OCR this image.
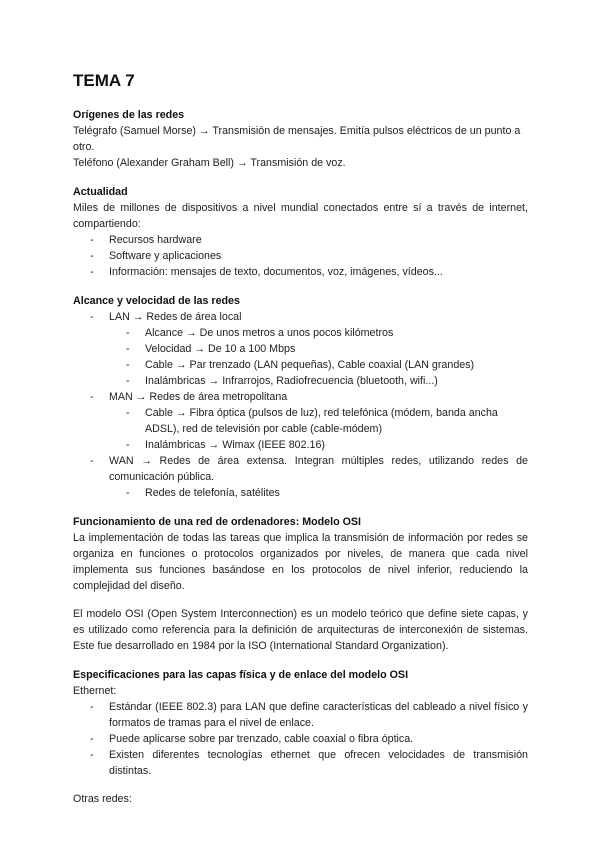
TEMA 7
Orígenes de las redes

Telégrafo (Samuel Morse) → Transmisión de mensajes. Emitía pulsos eléctricos de un punto a otro.

Teléfono (Alexander Graham Bell) → Transmisión de voz.

Actualidad

Miles de millones de dispositivos a nivel mundial conectados entre sí a través de internet, compartiendo:

- Recursos hardware
- Software y aplicaciones
- Información: mensajes de texto, documentos, voz, imágenes, vídeos...
Alcance y velocidad de las redes
- LAN → Redes de área local
- Alcance → De unos metros a unos pocos kilómetros
- Velocidad → De 10 a 100 Mbps
- Cable → Par trenzado (LAN pequeñas), Cable coaxial (LAN grandes)
- Inalámbricas → Infrarrojos, Radiofrecuencia (bluetooth, wifi...)
- MAN → Redes de área metropolitana
- Cable → Fibra óptica (pulsos de luz), red telefónica (módem, banda ancha ADSL), red de televisión por cable (cable-módem)
- Inalámbricas → Wimax (IEEE 802.16)
- WAN → Redes de área extensa. Integran múltiples redes, utilizando redes de comunicación pública.
- Redes de telefonía, satélites
Funcionamiento de una red de ordenadores: Modelo OSI

La implementación de todas las tareas que implica la transmisión de información por redes se organiza en funciones o protocolos organizados por niveles, de manera que cada nivel implementa sus funciones basándose en los protocolos de nivel inferior, reduciendo la complejidad del diseño.

El modelo OSI (Open System Interconnection) es un modelo teórico que define siete capas, y es utilizado como referencia para la definición de arquitecturas de interconexión de sistemas. Este fue desarrollado en 1984 por la ISO (International Standard Organization).

Especificaciones para las capas física y de enlace del modelo OSI

Ethernet:

- Estándar (IEEE 802.3) para LAN que define características del cableado a nivel físico y formatos de tramas para el nivel de enlace.
- Puede aplicarse sobre par trenzado, cable coaxial o fibra óptica.
- Existen diferentes tecnologías ethernet que ofrecen velocidades de transmisión distintas.

Otras redes:
